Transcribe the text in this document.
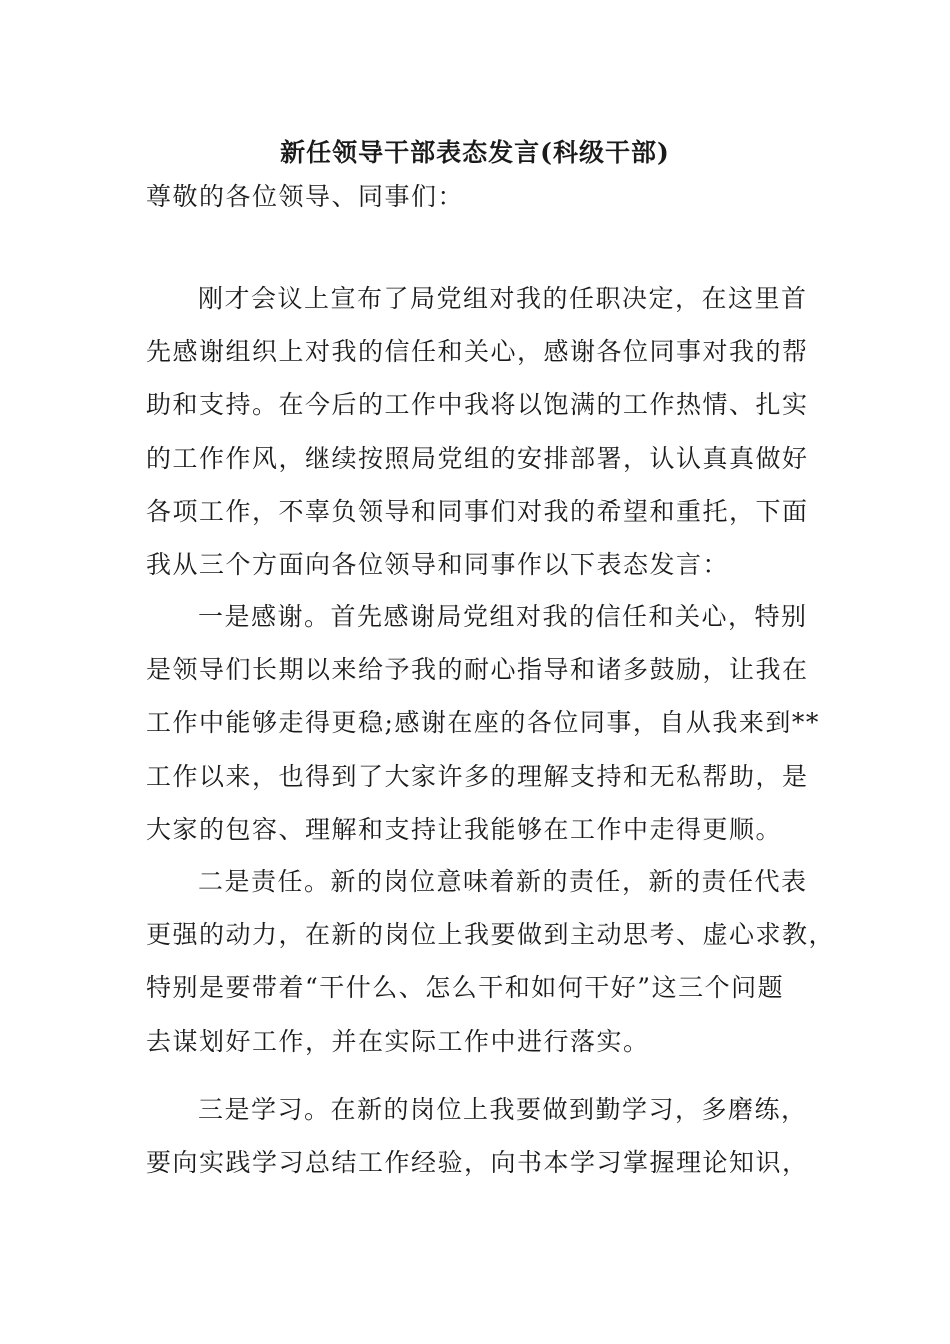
新任领导干部表态发言(科级干部)
尊敬的各位领导、同事们：
刚才会议上宣布了局党组对我的任职决定，在这里首
先感谢组织上对我的信任和关心，感谢各位同事对我的帮
助和支持。在今后的工作中我将以饱满的工作热情、扎实
的工作作风，继续按照局党组的安排部署，认认真真做好
各项工作，不辜负领导和同事们对我的希望和重托，下面
我从三个方面向各位领导和同事作以下表态发言：
一是感谢。首先感谢局党组对我的信任和关心，特别
是领导们长期以来给予我的耐心指导和诸多鼓励，让我在
工作中能够走得更稳;感谢在座的各位同事，自从我来到**
工作以来，也得到了大家许多的理解支持和无私帮助，是
大家的包容、理解和支持让我能够在工作中走得更顺。
二是责任。新的岗位意味着新的责任，新的责任代表
更强的动力，在新的岗位上我要做到主动思考、虚心求教，
特别是要带着“干什么、怎么干和如何干好”这三个问题
去谋划好工作，并在实际工作中进行落实。
三是学习。在新的岗位上我要做到勤学习，多磨练，
要向实践学习总结工作经验，向书本学习掌握理论知识，
